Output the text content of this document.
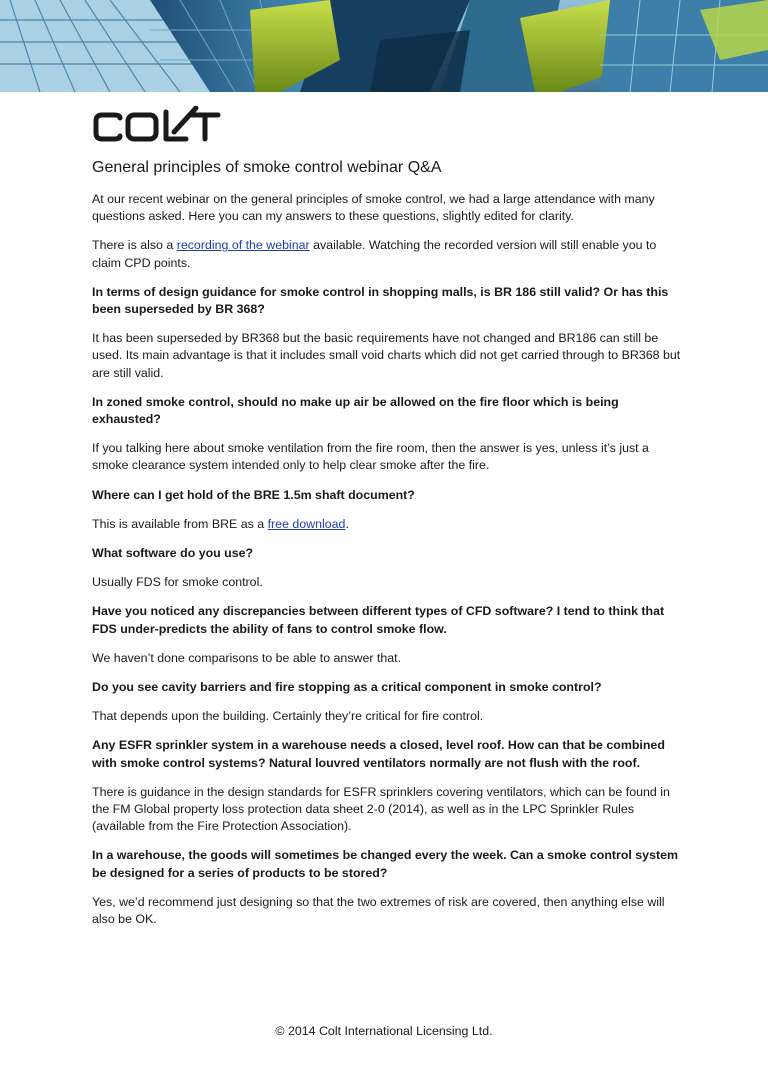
General principles of smoke control webinar Q&A

At our recent webinar on the general principles of smoke control, we had a large attendance with many questions asked. Here you can my answers to these questions, slightly edited for clarity.

There is also a recording of the webinar available. Watching the recorded version will still enable you to claim CPD points.

In terms of design guidance for smoke control in shopping malls, is BR 186 still valid? Or has this been superseded by BR 368?

It has been superseded by BR368 but the basic requirements have not changed and BR186 can still be used. Its main advantage is that it includes small void charts which did not get carried through to BR368 but are still valid.

In zoned smoke control, should no make up air be allowed on the fire floor which is being exhausted?

If you talking here about smoke ventilation from the fire room, then the answer is yes, unless it’s just a smoke clearance system intended only to help clear smoke after the fire.

Where can I get hold of the BRE 1.5m shaft document?

This is available from BRE as a free download.

What software do you use?

Usually FDS for smoke control.

Have you noticed any discrepancies between different types of CFD software? I tend to think that FDS under-predicts the ability of fans to control smoke flow.

We haven’t done comparisons to be able to answer that.

Do you see cavity barriers and fire stopping as a critical component in smoke control?

That depends upon the building. Certainly they’re critical for fire control.

Any ESFR sprinkler system in a warehouse needs a closed, level roof. How can that be combined with smoke control systems? Natural louvred ventilators normally are not flush with the roof.

There is guidance in the design standards for ESFR sprinklers covering ventilators, which can be found in the FM Global property loss protection data sheet 2-0 (2014), as well as in the LPC Sprinkler Rules (available from the Fire Protection Association).

In a warehouse, the goods will sometimes be changed every the week. Can a smoke control system be designed for a series of products to be stored?

Yes, we’d recommend just designing so that the two extremes of risk are covered, then anything else will also be OK.

© 2014 Colt International Licensing Ltd.
